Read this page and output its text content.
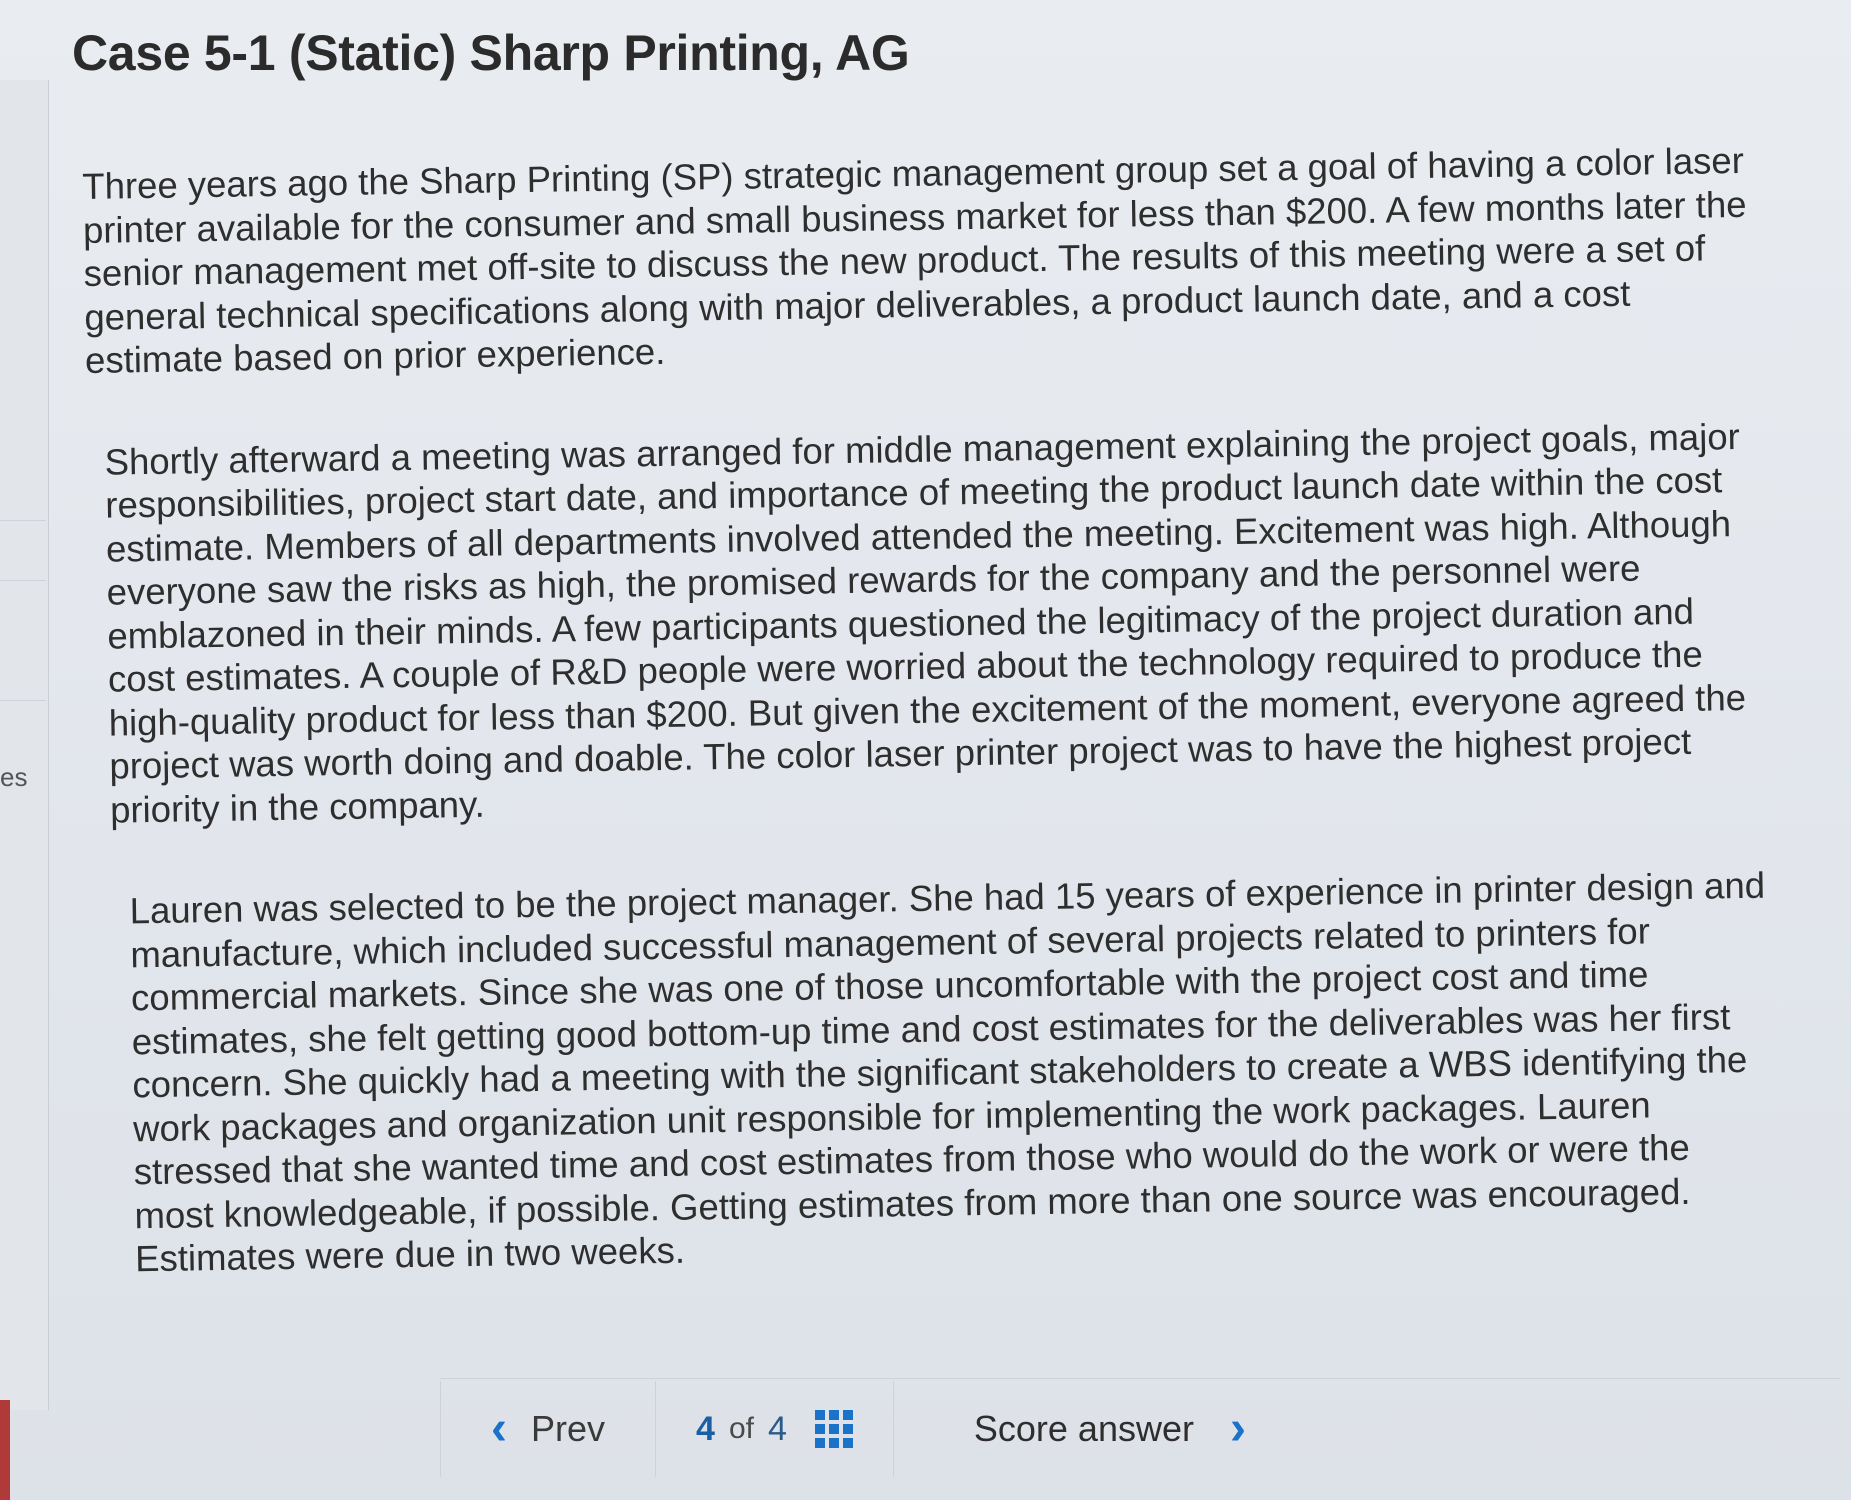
es
Case 5-1 (Static) Sharp Printing, AG

Three years ago the Sharp Printing (SP) strategic management group set a goal of having a color laser printer available for the consumer and small business market for less than $200. A few months later the senior management met off-site to discuss the new product. The results of this meeting were a set of general technical specifications along with major deliverables, a product launch date, and a cost estimate based on prior experience.

Shortly afterward a meeting was arranged for middle management explaining the project goals, major responsibilities, project start date, and importance of meeting the product launch date within the cost estimate. Members of all departments involved attended the meeting. Excitement was high. Although everyone saw the risks as high, the promised rewards for the company and the personnel were emblazoned in their minds. A few participants questioned the legitimacy of the project duration and cost estimates. A couple of R&D people were worried about the technology required to produce the high-quality product for less than $200. But given the excitement of the moment, everyone agreed the project was worth doing and doable. The color laser printer project was to have the highest project priority in the company.

Lauren was selected to be the project manager. She had 15 years of experience in printer design and manufacture, which included successful management of several projects related to printers for commercial markets. Since she was one of those uncomfortable with the project cost and time estimates, she felt getting good bottom-up time and cost estimates for the deliverables was her first concern. She quickly had a meeting with the significant stakeholders to create a WBS identifying the work packages and organization unit responsible for implementing the work packages. Lauren stressed that she wanted time and cost estimates from those who would do the work or were the most knowledgeable, if possible. Getting estimates from more than one source was encouraged. Estimates were due in two weeks.

‹ Prev	4 of 4	Score answer ›
